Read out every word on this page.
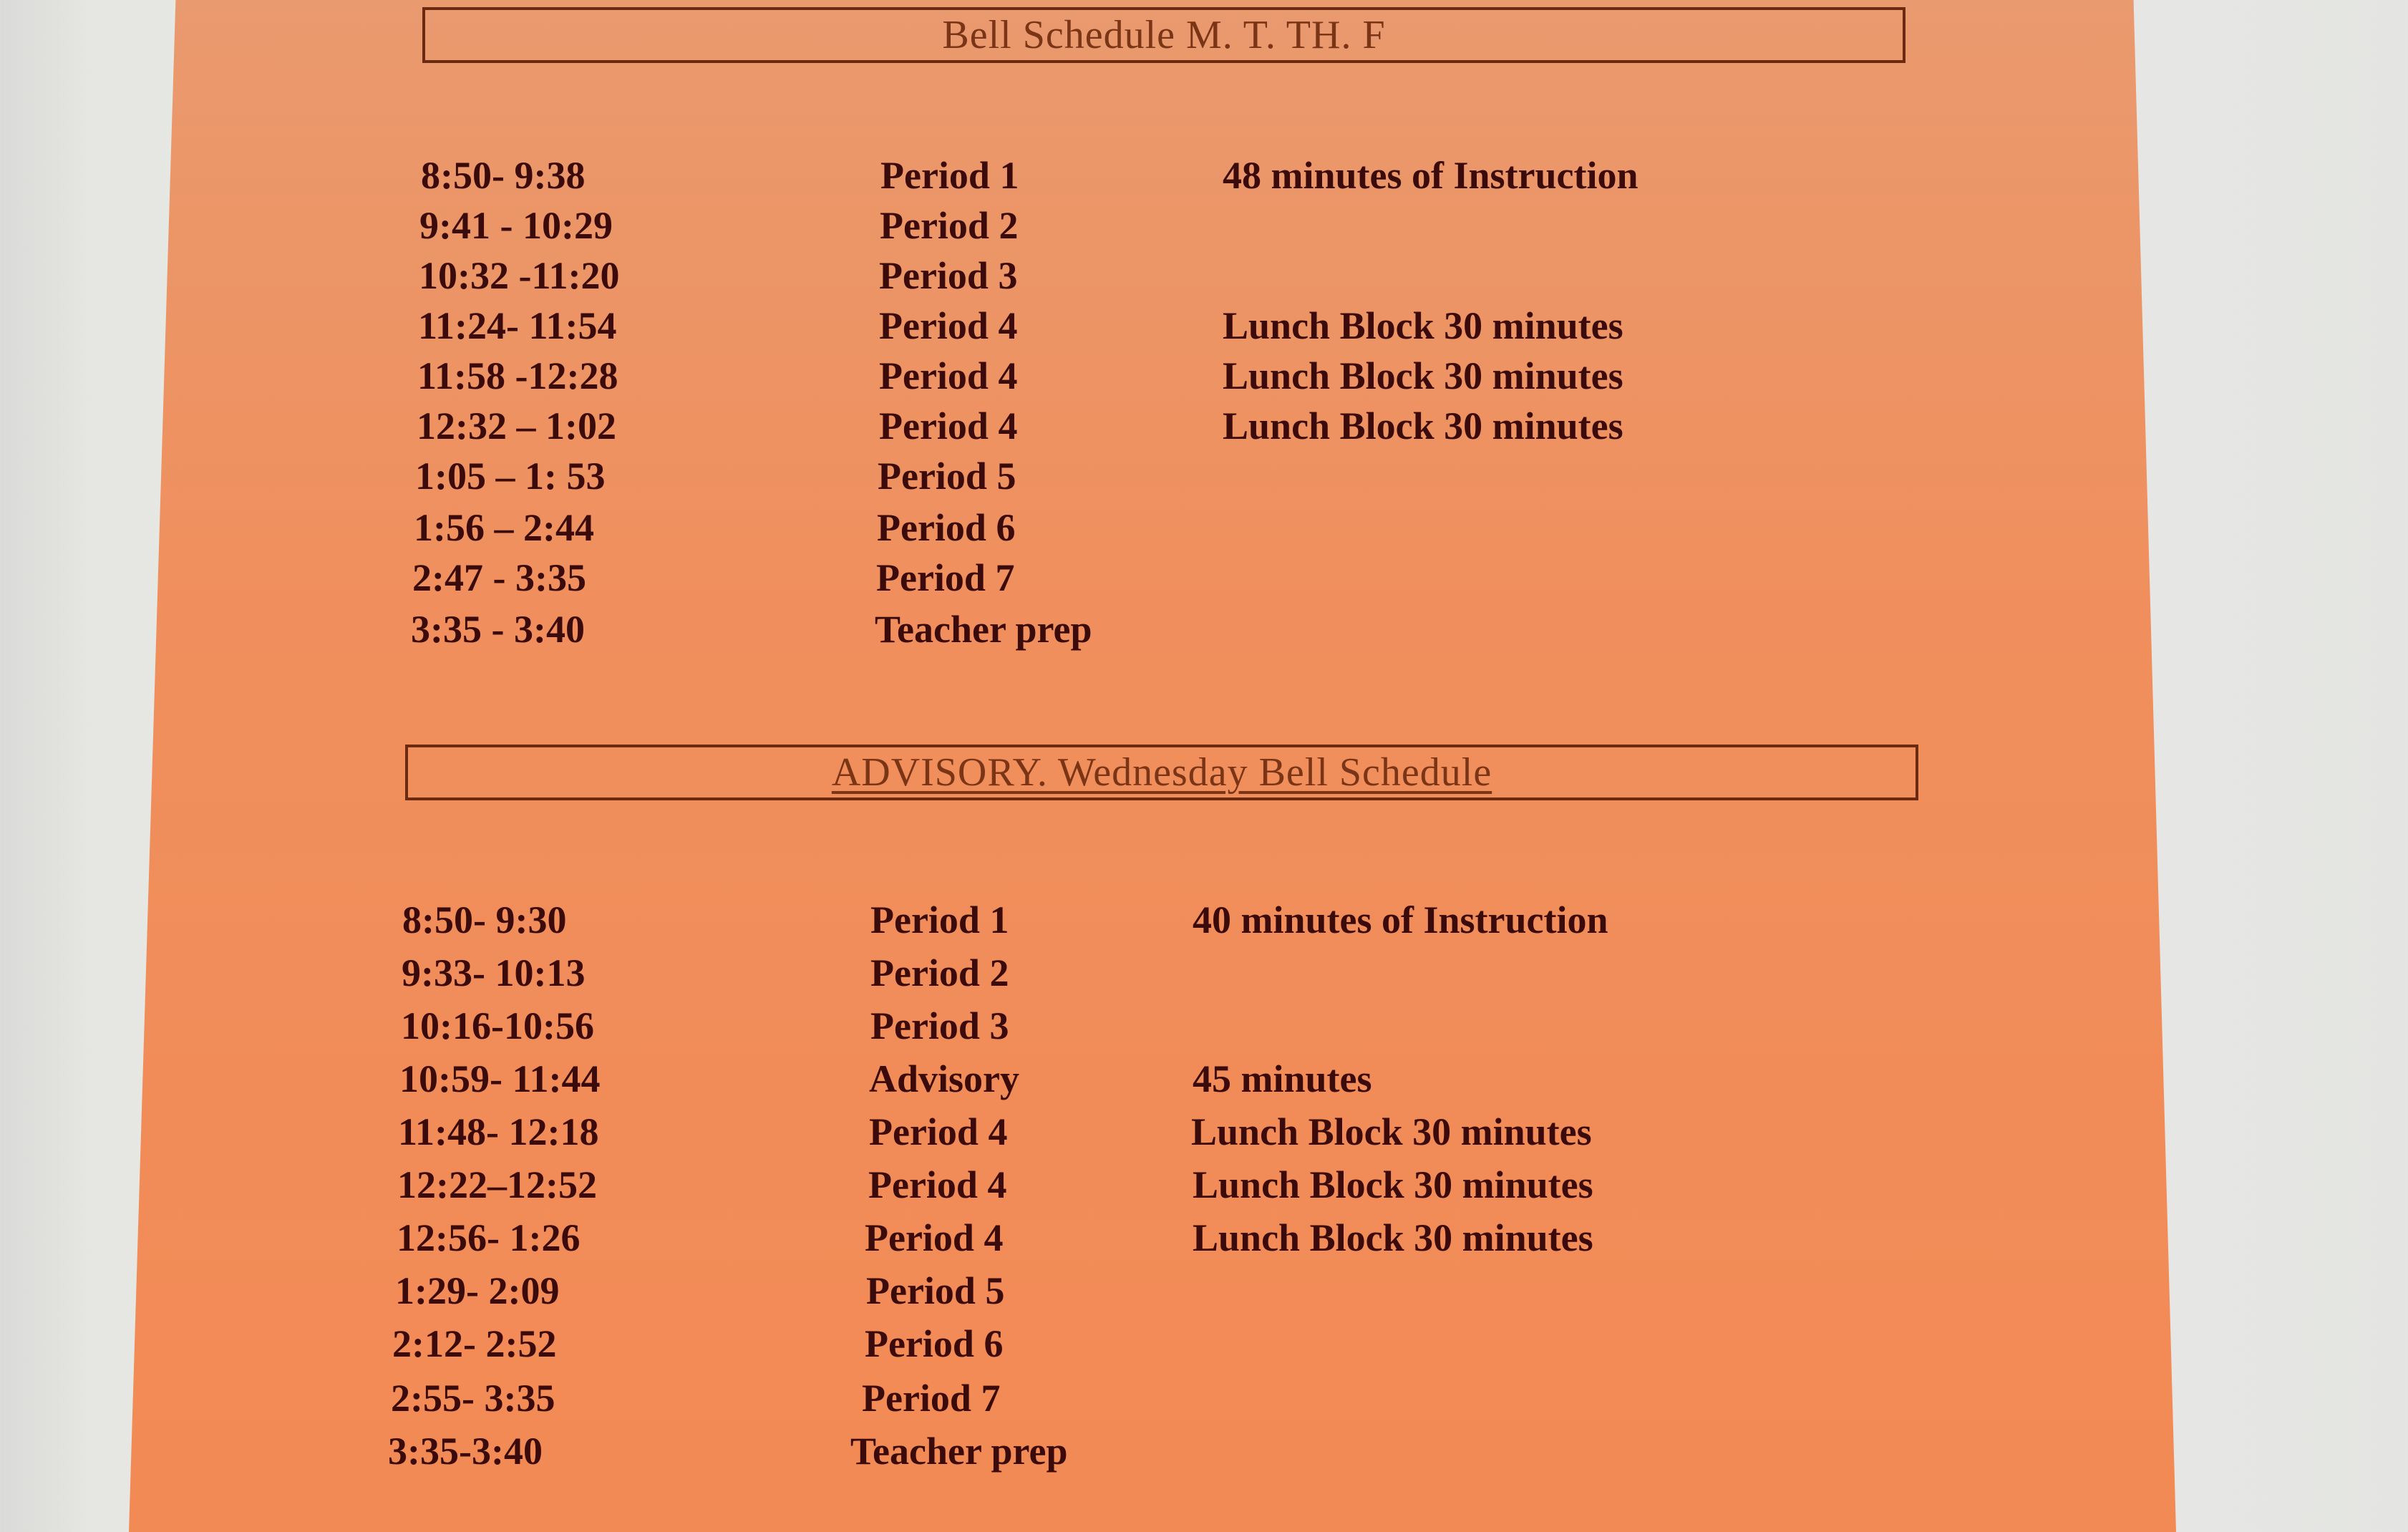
Bell Schedule M. T. TH. F
8:50- 9:38	Period 1	48 minutes of Instruction
9:41 - 10:29	Period 2
10:32 -11:20	Period 3
11:24- 11:54	Period 4	Lunch Block 30 minutes
11:58 -12:28	Period 4	Lunch Block 30 minutes
12:32 – 1:02	Period 4	Lunch Block 30 minutes
1:05 – 1: 53	Period 5
1:56 – 2:44	Period 6
2:47 - 3:35	Period 7
3:35 - 3:40	Teacher prep
ADVISORY. Wednesday Bell Schedule
8:50- 9:30	Period 1	40 minutes of Instruction
9:33- 10:13	Period 2
10:16-10:56	Period 3
10:59- 11:44	Advisory	45 minutes
11:48- 12:18	Period 4	Lunch Block 30 minutes
12:22–12:52	Period 4	Lunch Block 30 minutes
12:56- 1:26	Period 4	Lunch Block 30 minutes
1:29- 2:09	Period 5
2:12- 2:52	Period 6
2:55- 3:35	Period 7
3:35-3:40	Teacher prep
